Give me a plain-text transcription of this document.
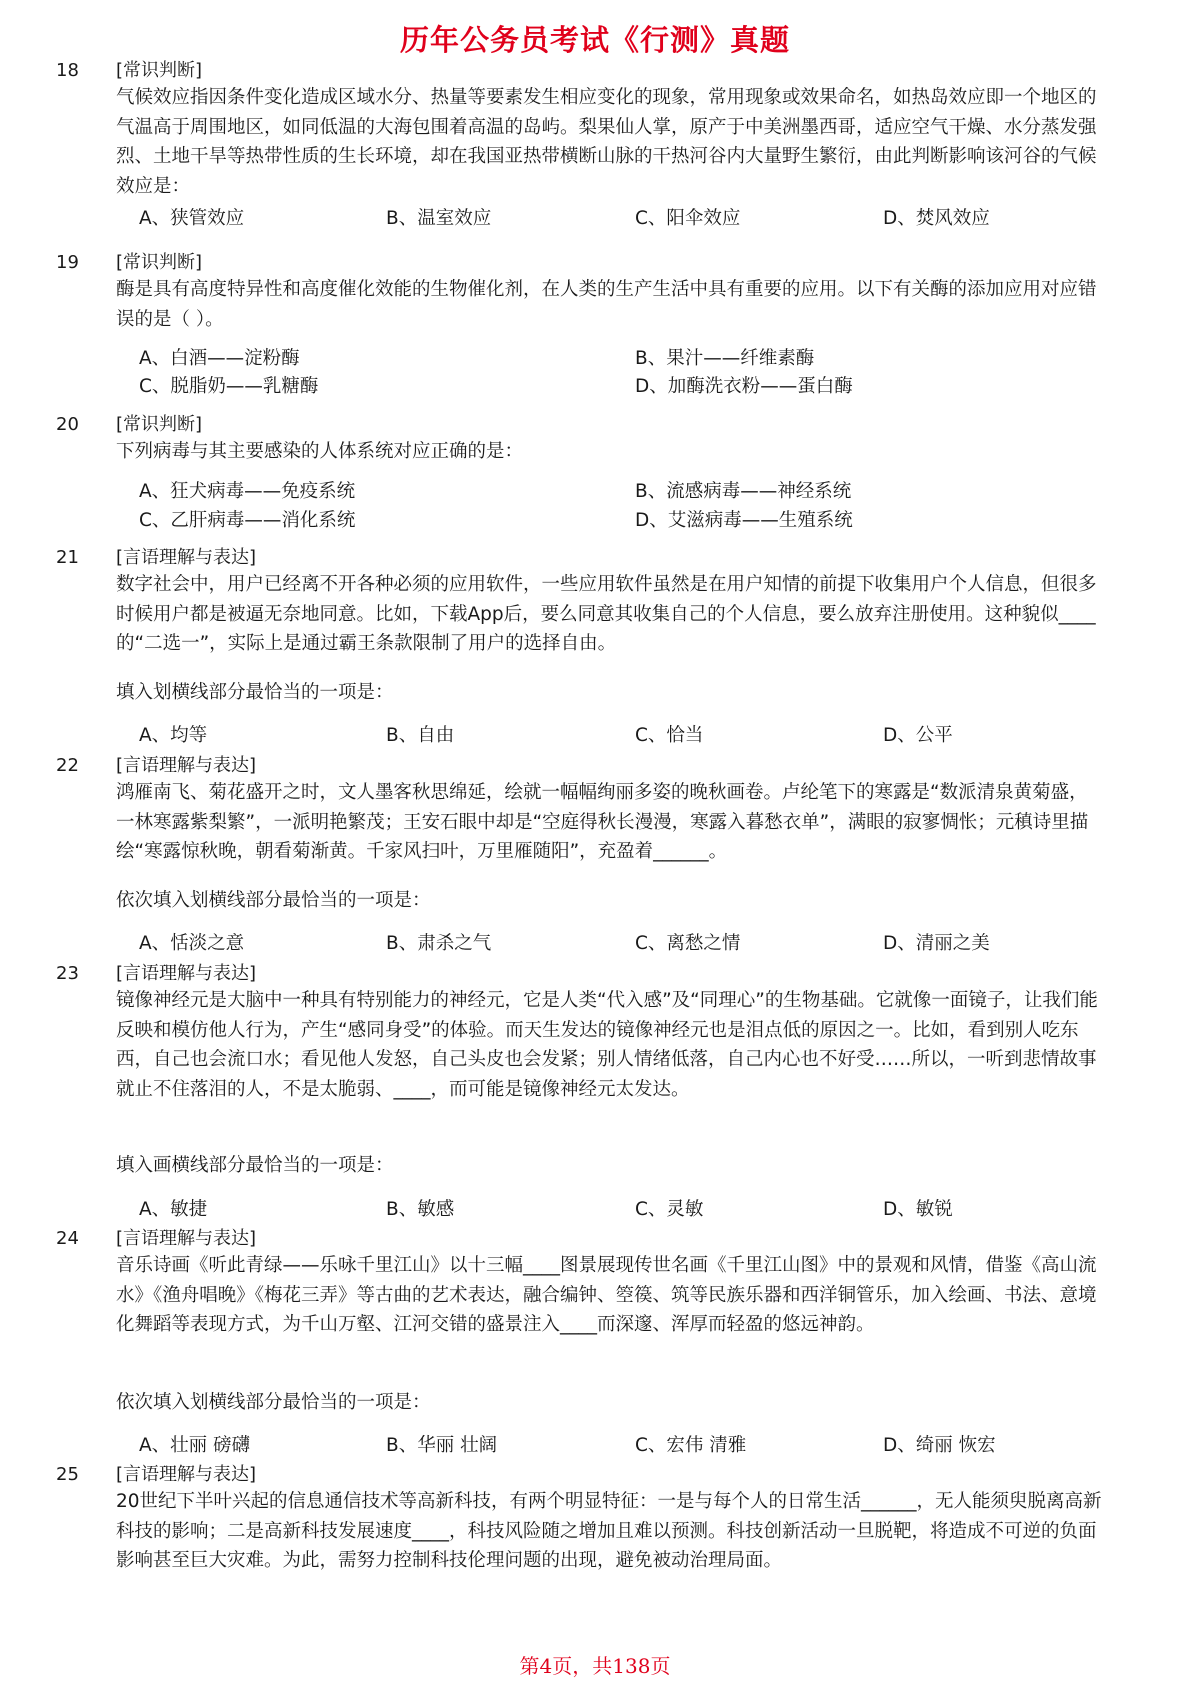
历年公务员考试《行测》真题
18 [常识判断]

气候效应指因条件变化造成区域水分、热量等要素发生相应变化的现象，常用现象或效果命名，如热岛效应即一个地区的气温高于周围地区，如同低温的大海包围着高温的岛屿。梨果仙人掌，原产于中美洲墨西哥，适应空气干燥、水分蒸发强烈、土地干旱等热带性质的生长环境，却在我国亚热带横断山脉的干热河谷内大量野生繁衍，由此判断影响该河谷的气候效应是：

A、狭管效应	B、温室效应	C、阳伞效应	D、焚风效应
19 [常识判断]

酶是具有高度特异性和高度催化效能的生物催化剂，在人类的生产生活中具有重要的应用。以下有关酶的添加应用对应错误的是（ ）。

A、白酒——淀粉酶	B、果汁——纤维素酶
C、脱脂奶——乳糖酶	D、加酶洗衣粉——蛋白酶
20 [常识判断]

下列病毒与其主要感染的人体系统对应正确的是：

A、狂犬病毒——免疫系统	B、流感病毒——神经系统
C、乙肝病毒——消化系统	D、艾滋病毒——生殖系统
21 [言语理解与表达]

数字社会中，用户已经离不开各种必须的应用软件，一些应用软件虽然是在用户知情的前提下收集用户个人信息，但很多时候用户都是被逼无奈地同意。比如，下载App后，要么同意其收集自己的个人信息，要么放弃注册使用。这种貌似____的“二选一”，实际上是通过霸王条款限制了用户的选择自由。

填入划横线部分最恰当的一项是：
A、均等	B、自由	C、恰当	D、公平
22 [言语理解与表达]

鸿雁南飞、菊花盛开之时，文人墨客秋思绵延，绘就一幅幅绚丽多姿的晚秋画卷。卢纶笔下的寒露是“数派清泉黄菊盛，一林寒露紫梨繁”，一派明艳繁茂；王安石眼中却是“空庭得秋长漫漫，寒露入暮愁衣单”，满眼的寂寥惆怅；元稹诗里描绘“寒露惊秋晚，朝看菊渐黄。千家风扫叶，万里雁随阳”，充盈着______。

依次填入划横线部分最恰当的一项是：
A、恬淡之意	B、肃杀之气	C、离愁之情	D、清丽之美
23 [言语理解与表达]

镜像神经元是大脑中一种具有特别能力的神经元，它是人类“代入感”及“同理心”的生物基础。它就像一面镜子，让我们能反映和模仿他人行为，产生“感同身受”的体验。而天生发达的镜像神经元也是泪点低的原因之一。比如，看到别人吃东西，自己也会流口水；看见他人发怒，自己头皮也会发紧；别人情绪低落，自己内心也不好受……所以，一听到悲情故事就止不住落泪的人，不是太脆弱、____，而可能是镜像神经元太发达。

填入画横线部分最恰当的一项是：
A、敏捷	B、敏感	C、灵敏	D、敏锐
24 [言语理解与表达]

音乐诗画《听此青绿——乐咏千里江山》以十三幅____图景展现传世名画《千里江山图》中的景观和风情，借鉴《高山流水》《渔舟唱晚》《梅花三弄》等古曲的艺术表达，融合编钟、箜篌、筑等民族乐器和西洋铜管乐，加入绘画、书法、意境化舞蹈等表现方式，为千山万壑、江河交错的盛景注入____而深邃、浑厚而轻盈的悠远神韵。

依次填入划横线部分最恰当的一项是：
A、壮丽 磅礴	B、华丽 壮阔	C、宏伟 清雅	D、绮丽 恢宏
25 [言语理解与表达]

20世纪下半叶兴起的信息通信技术等高新科技，有两个明显特征：一是与每个人的日常生活______，无人能须臾脱离高新科技的影响；二是高新科技发展速度____，科技风险随之增加且难以预测。科技创新活动一旦脱靶，将造成不可逆的负面影响甚至巨大灾难。为此，需努力控制科技伦理问题的出现，避免被动治理局面。

第4页，共138页
